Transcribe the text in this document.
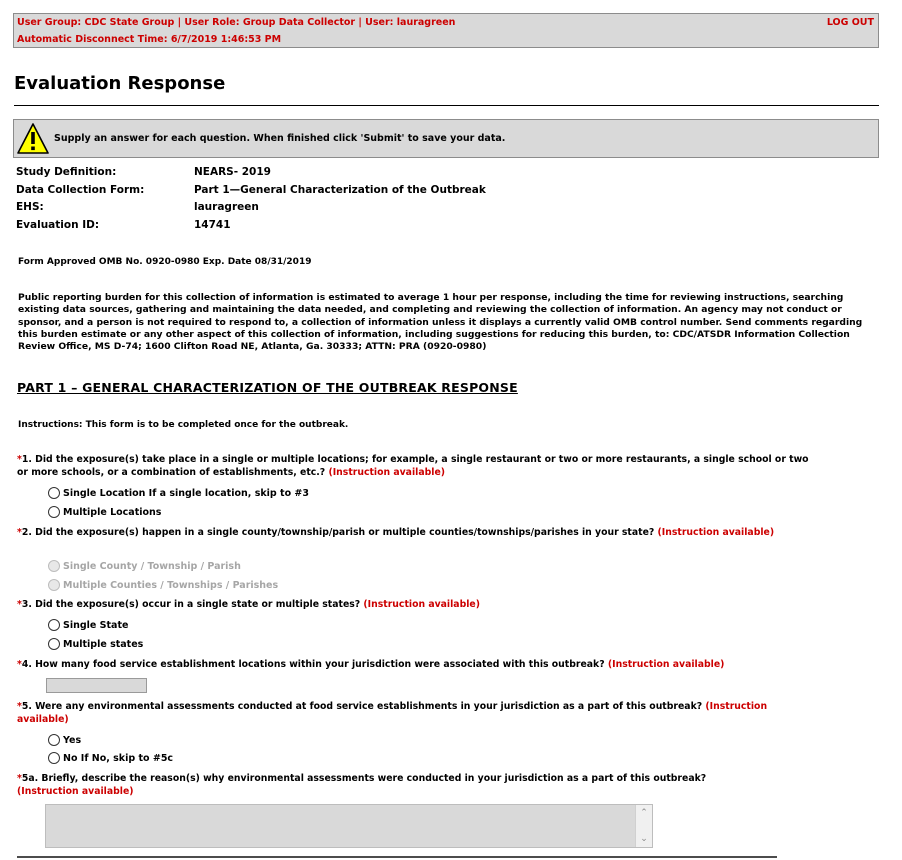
User Group: CDC State Group | User Role: Group Data Collector | User: lauragreen
Automatic Disconnect Time: 6/7/2019 1:46:53 PM
LOG OUT
Evaluation Response
Supply an answer for each question. When finished click 'Submit' to save your data.
Study Definition:	NEARS- 2019
Data Collection Form:	Part 1—General Characterization of the Outbreak
EHS:	lauragreen
Evaluation ID:	14741
Form Approved OMB No. 0920-0980 Exp. Date 08/31/2019
Public reporting burden for this collection of information is estimated to average 1 hour per response, including the time for reviewing instructions, searching existing data sources, gathering and maintaining the data needed, and completing and reviewing the collection of information. An agency may not conduct or sponsor, and a person is not required to respond to, a collection of information unless it displays a currently valid OMB control number. Send comments regarding this burden estimate or any other aspect of this collection of information, including suggestions for reducing this burden, to: CDC/ATSDR Information Collection Review Office, MS D-74; 1600 Clifton Road NE, Atlanta, Ga. 30333; ATTN: PRA (0920-0980)
PART 1 – GENERAL CHARACTERIZATION OF THE OUTBREAK RESPONSE
Instructions: This form is to be completed once for the outbreak.
*1. Did the exposure(s) take place in a single or multiple locations; for example, a single restaurant or two or more restaurants, a single school or two or more schools, or a combination of establishments, etc.? (Instruction available)
Single Location If a single location, skip to #3
Multiple Locations
*2. Did the exposure(s) happen in a single county/township/parish or multiple counties/townships/parishes in your state? (Instruction available)
Single County / Township / Parish
Multiple Counties / Townships / Parishes
*3. Did the exposure(s) occur in a single state or multiple states? (Instruction available)
Single State
Multiple states
*4. How many food service establishment locations within your jurisdiction were associated with this outbreak? (Instruction available)
*5. Were any environmental assessments conducted at food service establishments in your jurisdiction as a part of this outbreak? (Instruction available)
Yes
No If No, skip to #5c
*5a. Briefly, describe the reason(s) why environmental assessments were conducted in your jurisdiction as a part of this outbreak?
(Instruction available)
⌃
⌄
